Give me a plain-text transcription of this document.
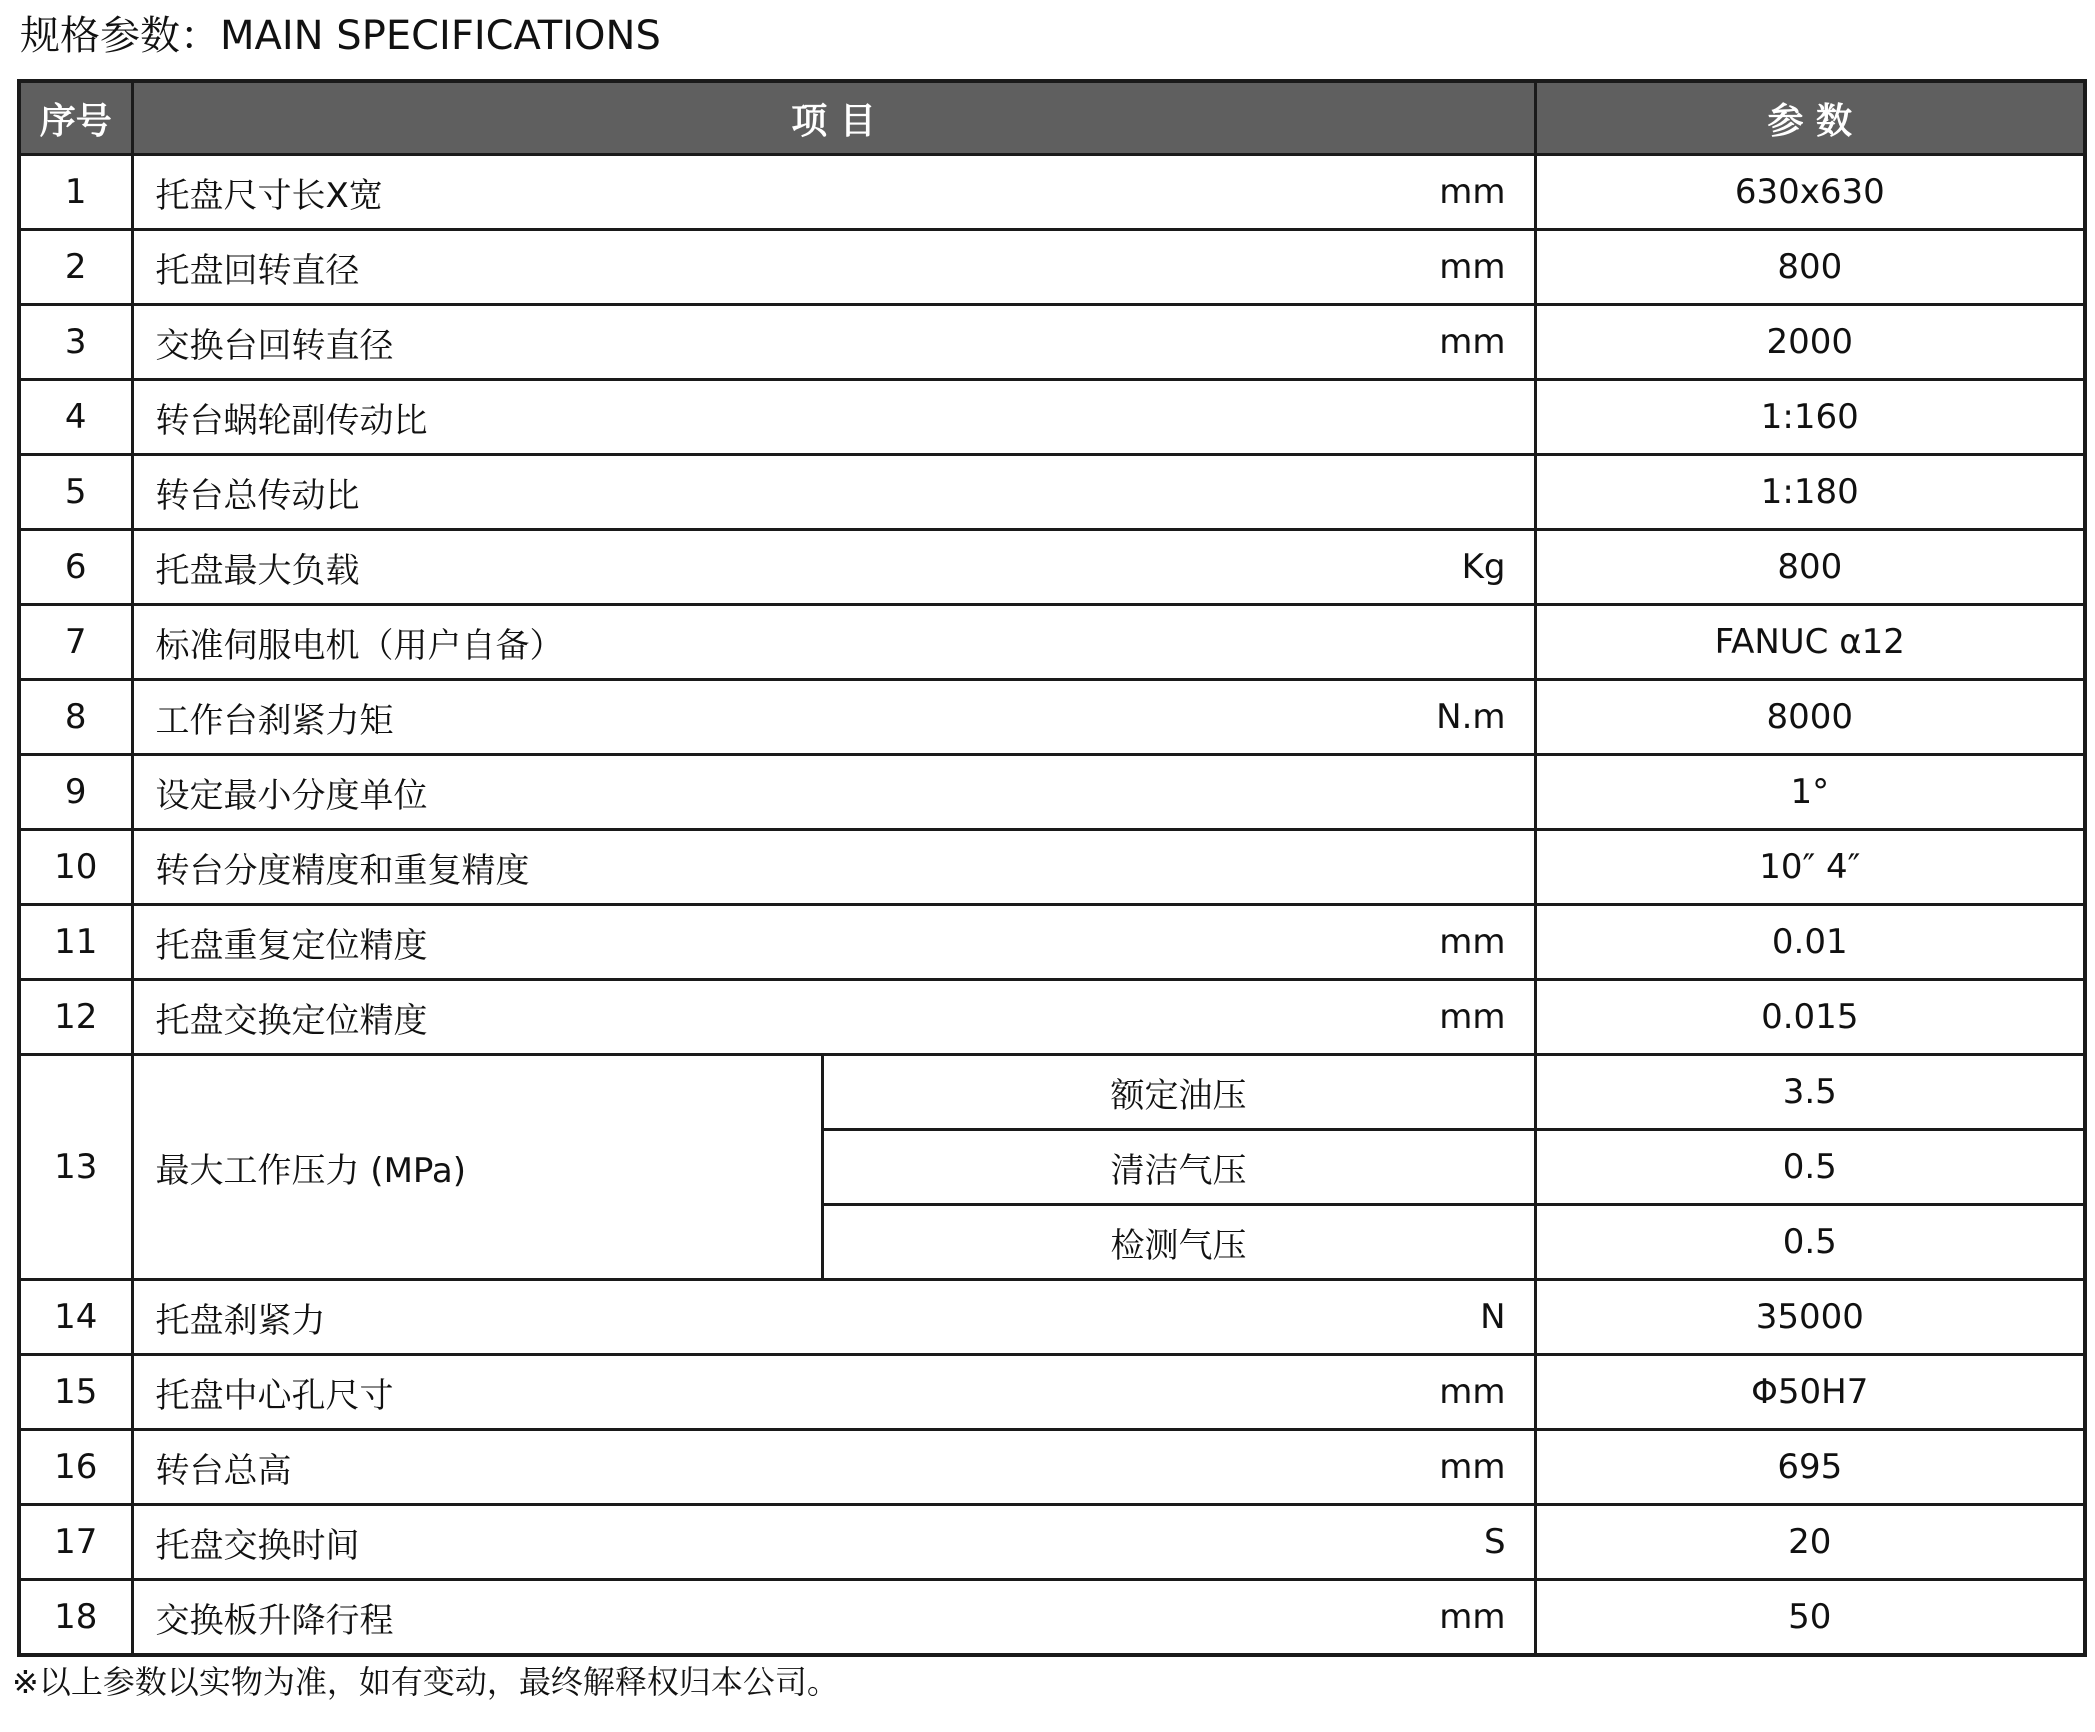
规格参数：MAIN SPECIFICATIONS
序号	项 目			参 数
1	托盘尺寸长X宽		mm	630x630
2	托盘回转直径		mm	800
3	交换台回转直径		mm	2000
4	转台蜗轮副传动比			1:160
5	转台总传动比			1:180
6	托盘最大负载		Kg	800
7	标准伺服电机（用户自备）			FANUC α12
8	工作台刹紧力矩		N.m	8000
9	设定最小分度单位			1°
10	转台分度精度和重复精度			10″ 4″
11	托盘重复定位精度		mm	0.01
12	托盘交换定位精度		mm	0.015
13	最大工作压力 (MPa)	额定油压		3.5
		清洁气压		0.5
		检测气压		0.5
14	托盘刹紧力		N	35000
15	托盘中心孔尺寸		mm	Φ50H7
16	转台总高		mm	695
17	托盘交换时间		S	20
18	交换板升降行程		mm	50
※以上参数以实物为准，如有变动，最终解释权归本公司。
